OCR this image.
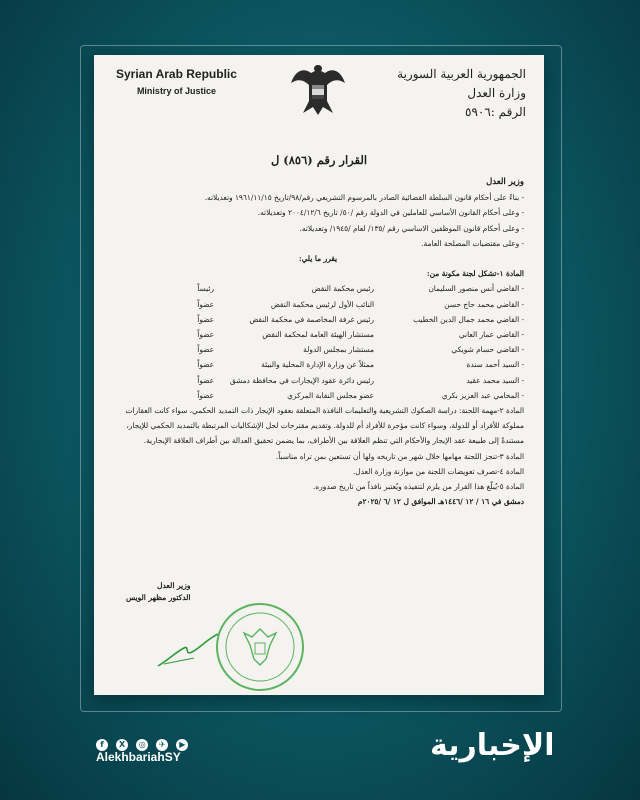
Syrian Arab Republic
Ministry of Justice
الجمهورية العربية السورية
وزارة العدل
الرقم :٥٩٠٦
القرار رقم (٨٥٦) ل
وزير العدل
- بناءً على أحكام قانون السلطة القضائية الصادر بالمرسوم التشريعي رقم/٩٨/تاريخ ١٩٦١/١١/١٥ وتعديلاته.
- وعلى أحكام القانون الأساسي للعاملين في الدولة رقم /٥٠/ تاريخ ٢٠٠٤/١٢/٦ وتعديلاته.
- وعلى أحكام قانون الموظفين الاساسي رقم /١٣٥/ لعام /١٩٤٥/ وتعديلاته.
- وعلى مقتضيات المصلحة العامة.
يقرر ما يلي:
المادة ١-تشكل لجنة مكونة من:
- القاضي أنس منصور السليمان
رئيس محكمة النقض
رئيساً
- القاضي محمد حاج حسن
النائب الأول لرئيس محكمة النقض
عضواً
- القاضي محمد جمال الدين الخطيب
رئيس غرفة المخاصمة في محكمة النقض
عضواً
- القاضي عمار العاني
مستشار الهيئة العامة لمحكمة النقض
عضواً
- القاضي حسام شويكي
مستشار بمجلس الدولة
عضواً
- السيد أحمد سندة
ممثلاً عن وزارة الإدارة المحلية والبيئة
عضواً
- السيد محمد عقيد
رئيس دائرة عقود الإيجارات في محافظة دمشق
عضواً
- المحامي عبد العزيز بكري
عضو مجلس النقابة المركزي
عضواً
المادة ٢-مهمة اللجنة: دراسة الصكوك التشريعية والتعليمات النافذة المتعلقة بعقود الإيجار ذات التمديد الحكمي، سواء كانت العقارات مملوكة للأفراد أو للدولة، وسواء كانت مؤجرة للأفراد أم للدولة. وتقديم مقترحات لحل الإشكاليات المرتبطة بالتمديد الحكمي للإيجار، مستندةً إلى طبيعة عقد الإيجار والأحكام التي تنظم العلاقة بين الأطراف، بما يضمن تحقيق العدالة بين أطراف العلاقة الإيجارية.
المادة ٣-تنجز اللجنة مهامها خلال شهر من تاريخه ولها أن تستعين بمن تراه مناسباً.
المادة ٤-تصرف تعويضات اللجنة من موازنة وزارة العدل.
المادة ٥-يُبلّغ هذا القرار من يلزم لتنفيذه ويُعتبر نافذاً من تاريخ صدوره.
دمشق في ١٦ / ١٢ /١٤٤٦هـ الموافق ل ١٢ /٦ /٢٠٢٥م
وزير العدل
الدكتور مظهر الويس
f X ◎ ✈ ▶
AlekhbariahSY	الإخبارية
